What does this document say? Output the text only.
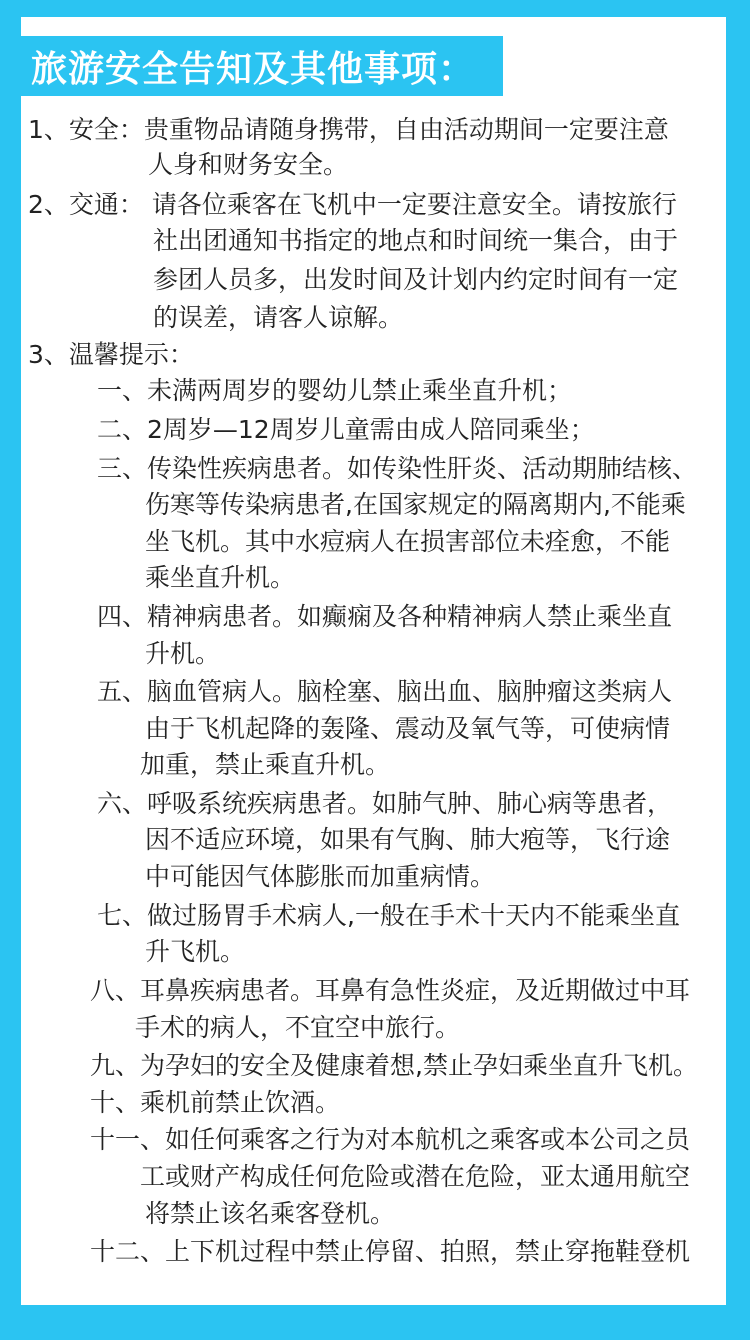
旅游安全告知及其他事项：
1、安全：贵重物品请随身携带，自由活动期间一定要注意
人身和财务安全。
2、交通： 请各位乘客在飞机中一定要注意安全。请按旅行
社出团通知书指定的地点和时间统一集合，由于
参团人员多，出发时间及计划内约定时间有一定
的误差，请客人谅解。
3、温馨提示：
一、未满两周岁的婴幼儿禁止乘坐直升机；
二、2周岁—12周岁儿童需由成人陪同乘坐；
三、传染性疾病患者。如传染性肝炎、活动期肺结核、
伤寒等传染病患者,在国家规定的隔离期内,不能乘
坐飞机。其中水痘病人在损害部位未痊愈，不能
乘坐直升机。
四、精神病患者。如癫痫及各种精神病人禁止乘坐直
升机。
五、脑血管病人。脑栓塞、脑出血、脑肿瘤这类病人
由于飞机起降的轰隆、震动及氧气等，可使病情
加重，禁止乘直升机。
六、呼吸系统疾病患者。如肺气肿、肺心病等患者，
因不适应环境，如果有气胸、肺大疱等，飞行途
中可能因气体膨胀而加重病情。
七、做过肠胃手术病人,一般在手术十天内不能乘坐直
升飞机。
八、耳鼻疾病患者。耳鼻有急性炎症，及近期做过中耳
手术的病人，不宜空中旅行。
九、为孕妇的安全及健康着想,禁止孕妇乘坐直升飞机。
十、乘机前禁止饮酒。
十一、如任何乘客之行为对本航机之乘客或本公司之员
工或财产构成任何危险或潜在危险，亚太通用航空
将禁止该名乘客登机。
十二、上下机过程中禁止停留、拍照，禁止穿拖鞋登机
